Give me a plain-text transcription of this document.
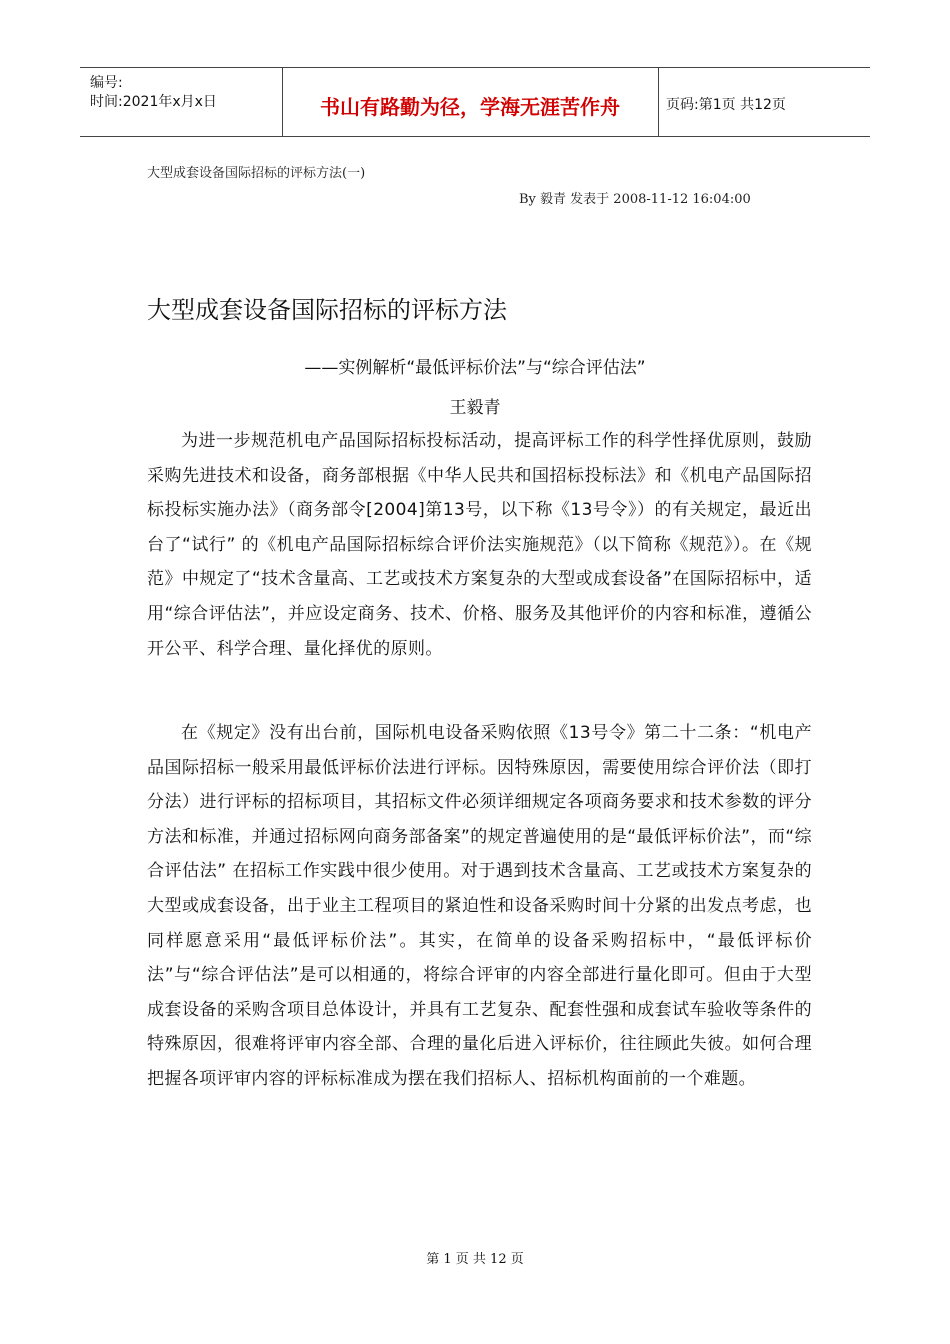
编号:
时间:2021年x月x日	书山有路勤为径，学海无涯苦作舟	页码:第1页 共12页
大型成套设备国际招标的评标方法(一)
By 毅青 发表于 2008-11-12 16:04:00
大型成套设备国际招标的评标方法
——实例解析“最低评标价法”与“综合评估法”
王毅青

为进一步规范机电产品国际招标投标活动，提高评标工作的科学性择优原则，鼓励采购先进技术和设备，商务部根据《中华人民共和国招标投标法》和《机电产品国际招标投标实施办法》（商务部令[2004]第13号，以下称《13号令》）的有关规定，最近出台了“试行” 的《机电产品国际招标综合评价法实施规范》（以下简称《规范》）。在《规范》中规定了“技术含量高、工艺或技术方案复杂的大型或成套设备”在国际招标中，适用“综合评估法”，并应设定商务、技术、价格、服务及其他评价的内容和标准，遵循公开公平、科学合理、量化择优的原则。

在《规定》没有出台前，国际机电设备采购依照《13号令》第二十二条：“机电产品国际招标一般采用最低评标价法进行评标。因特殊原因，需要使用综合评价法（即打分法）进行评标的招标项目，其招标文件必须详细规定各项商务要求和技术参数的评分方法和标准，并通过招标网向商务部备案”的规定普遍使用的是“最低评标价法”，而“综合评估法” 在招标工作实践中很少使用。对于遇到技术含量高、工艺或技术方案复杂的大型或成套设备，出于业主工程项目的紧迫性和设备采购时间十分紧的出发点考虑，也同样愿意采用“最低评标价法”。其实，在简单的设备采购招标中，“最低评标价法”与“综合评估法”是可以相通的，将综合评审的内容全部进行量化即可。但由于大型成套设备的采购含项目总体设计，并具有工艺复杂、配套性强和成套试车验收等条件的特殊原因，很难将评审内容全部、合理的量化后进入评标价，往往顾此失彼。如何合理把握各项评审内容的评标标准成为摆在我们招标人、招标机构面前的一个难题。

第 1 页 共 12 页
